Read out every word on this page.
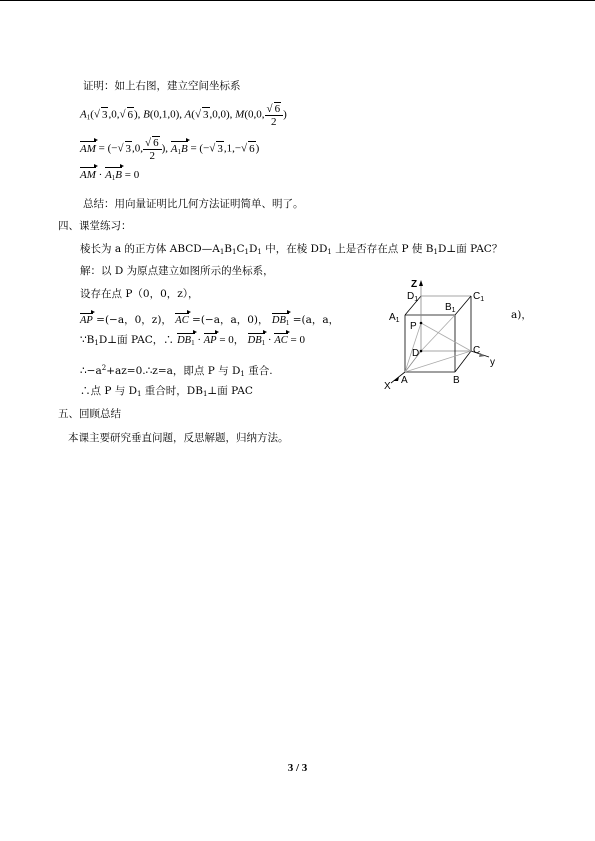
证明：如上右图，建立空间坐标系
$A_1(√$ 3,0,√ 6), B(0,1,0), A(√ 3,0,0), M(0,0, $\frac{√ 6}{2}$ )
AM = (−√ 3,0, $\frac{√ 6}{2}$ ), $A_1B$ = (−√ 3,1,−√ 6)
AM · $A_1B = 0$
总结：用向量证明比几何方法证明简单、明了。
四、课堂练习：
棱长为 a 的正方体 $ABCD—A_1B_1C_1D_1$ 中，在棱 $DD_1$ 上是否存在点 P 使 $B_1D\perp$面 PAC？
解：以 D 为原点建立如图所示的坐标系，
设存在点 P（0，0，z），
AP =(−a，0，z)， AC =(−a，a，0)， $DB_1 =(a$，a，	a)，
$\because B_1D\perp$面 PAC，∴ $DB_1$ · AP = 0， $DB_1$ · AC = 0
$\therefore-a^2+az=0.\therefore z=a$，即点 P 与 $D_1$ 重合.
∴点 P 与 $D_1$ 重合时，$DB_1\perp$面 PAC
Z
$D_1$	$C_1$
$A_1$
$B_1$
P
D	C
A	B
X
y
五、回顾总结
本课主要研究垂直问题，反思解题，归纳方法。
3 / 3
